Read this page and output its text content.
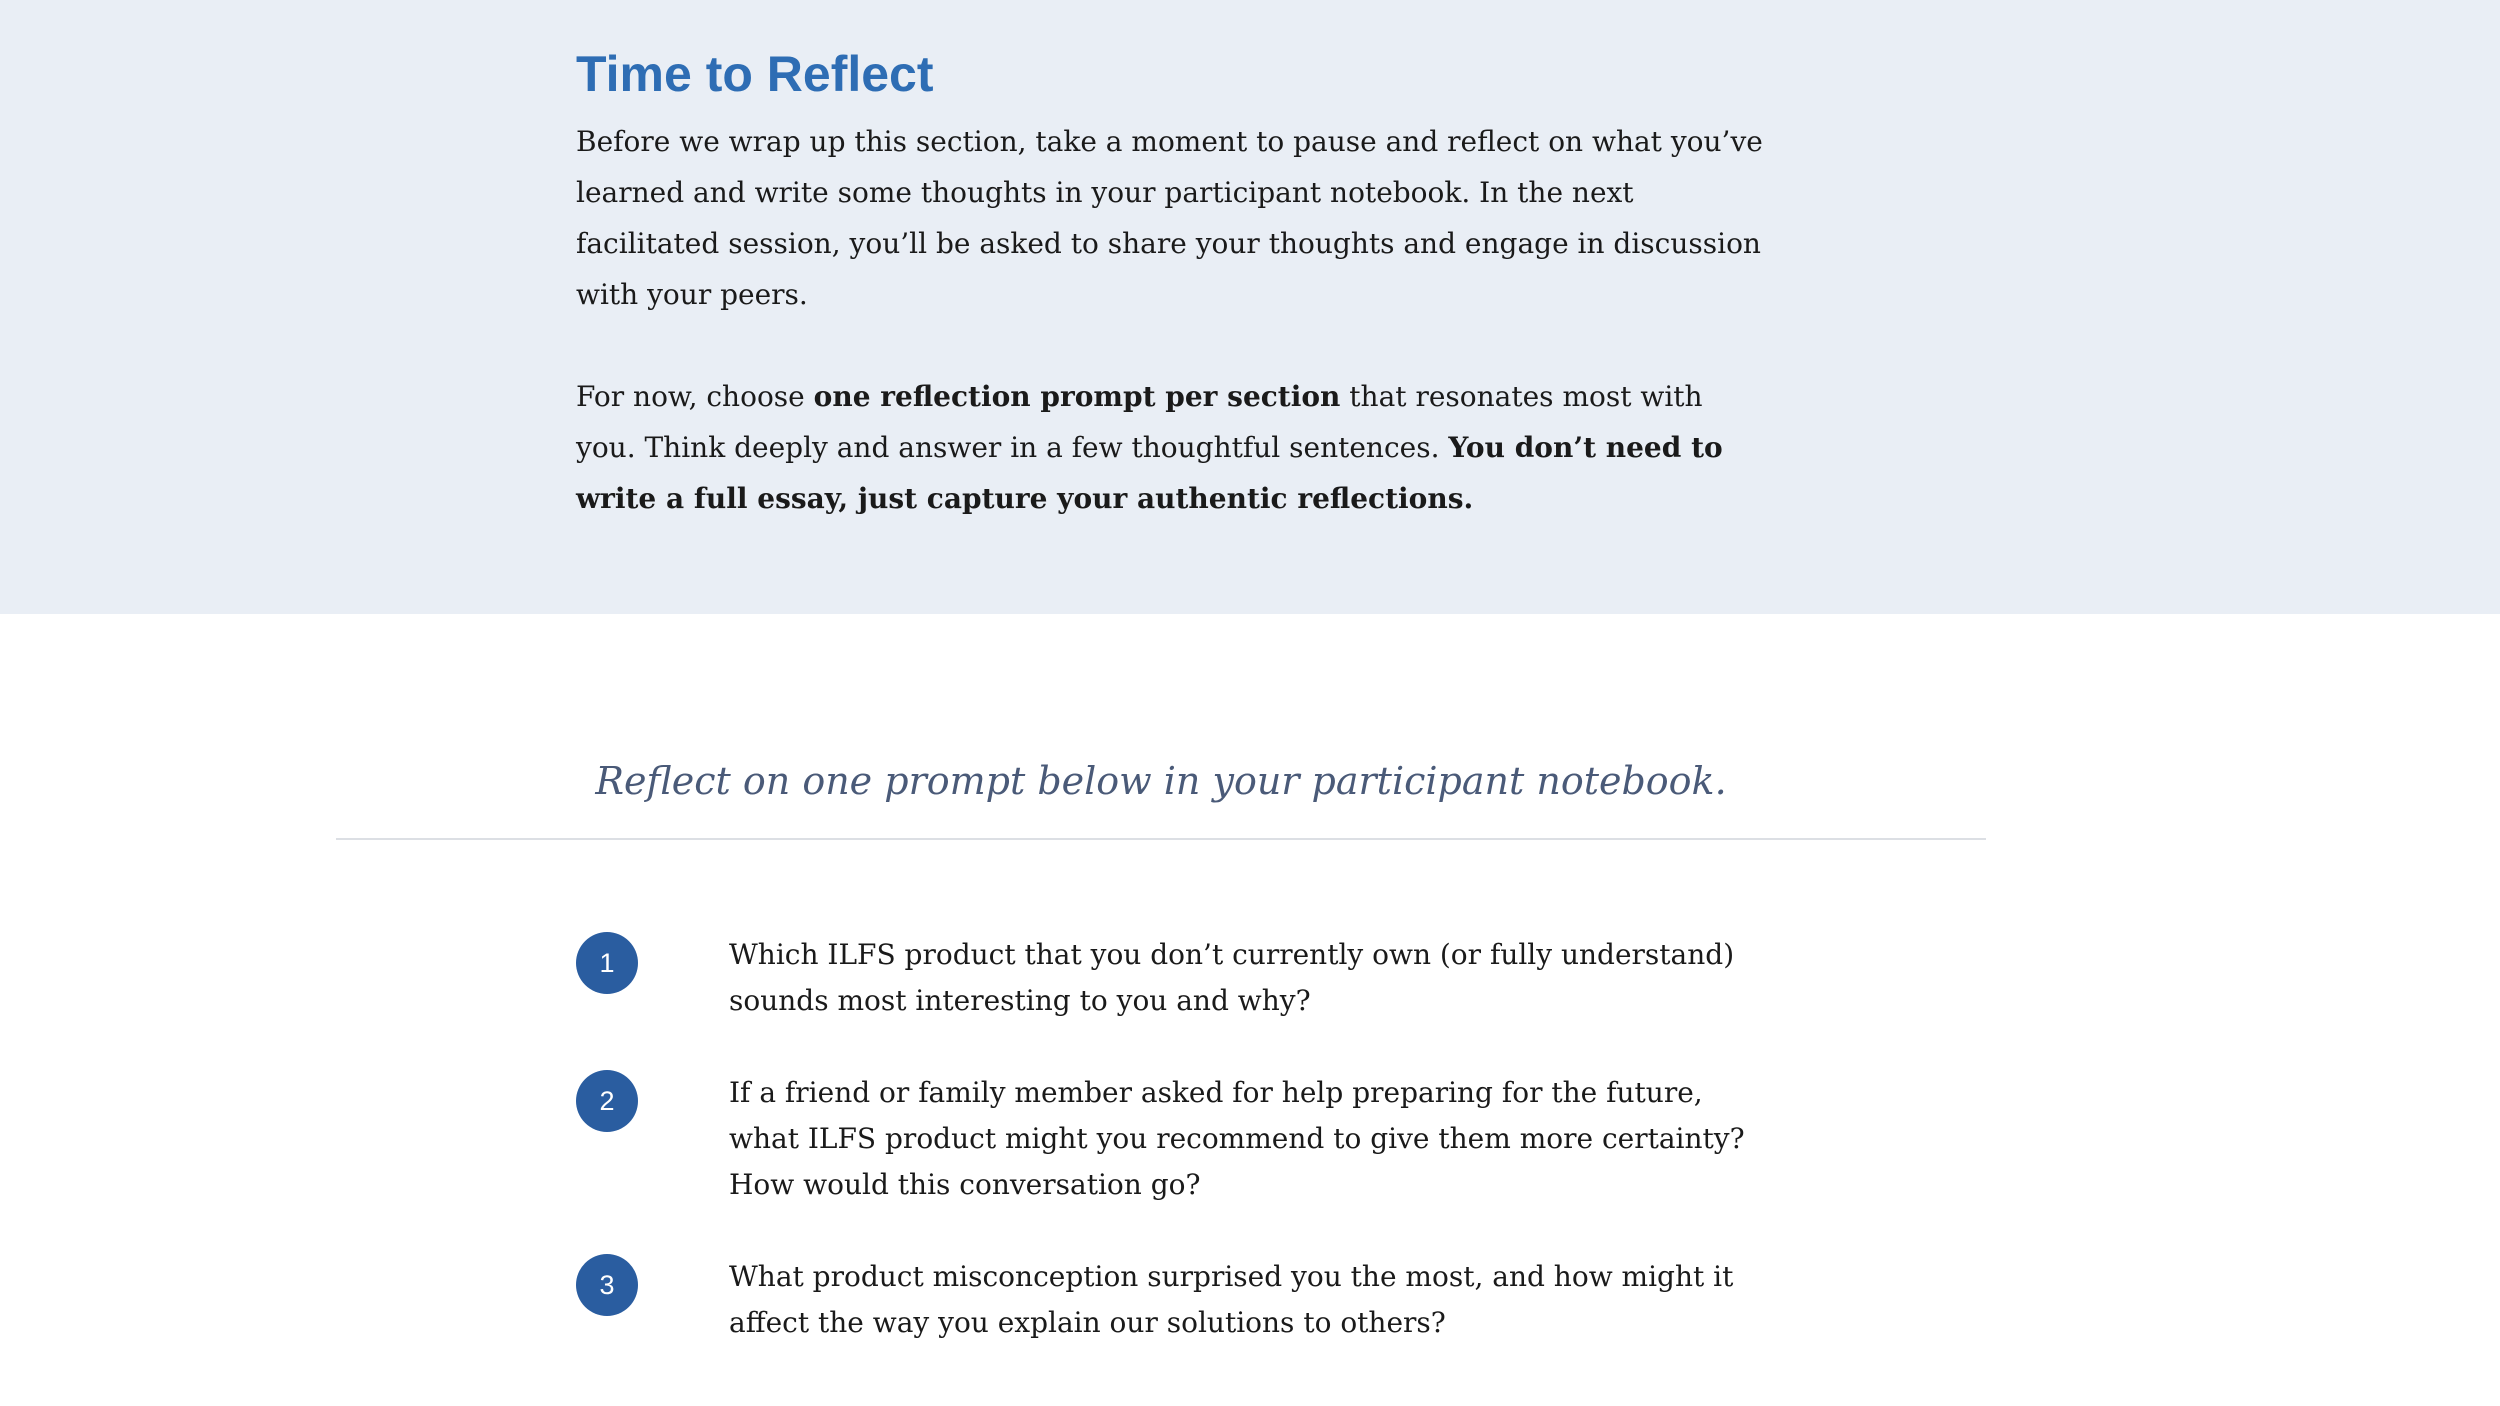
Time to Reflect

Before we wrap up this section, take a moment to pause and reflect on what you’ve learned and write some thoughts in your participant notebook. In the next facilitated session, you’ll be asked to share your thoughts and engage in discussion with your peers.

For now, choose one reflection prompt per section that resonates most with you. Think deeply and answer in a few thoughtful sentences. You don’t need to write a full essay, just capture your authentic reflections.

Reflect on one prompt below in your participant notebook.
1	Which ILFS product that you don’t currently own (or fully understand) sounds most interesting to you and why?
2	If a friend or family member asked for help preparing for the future, what ILFS product might you recommend to give them more certainty? How would this conversation go?
3	What product misconception surprised you the most, and how might it affect the way you explain our solutions to others?
